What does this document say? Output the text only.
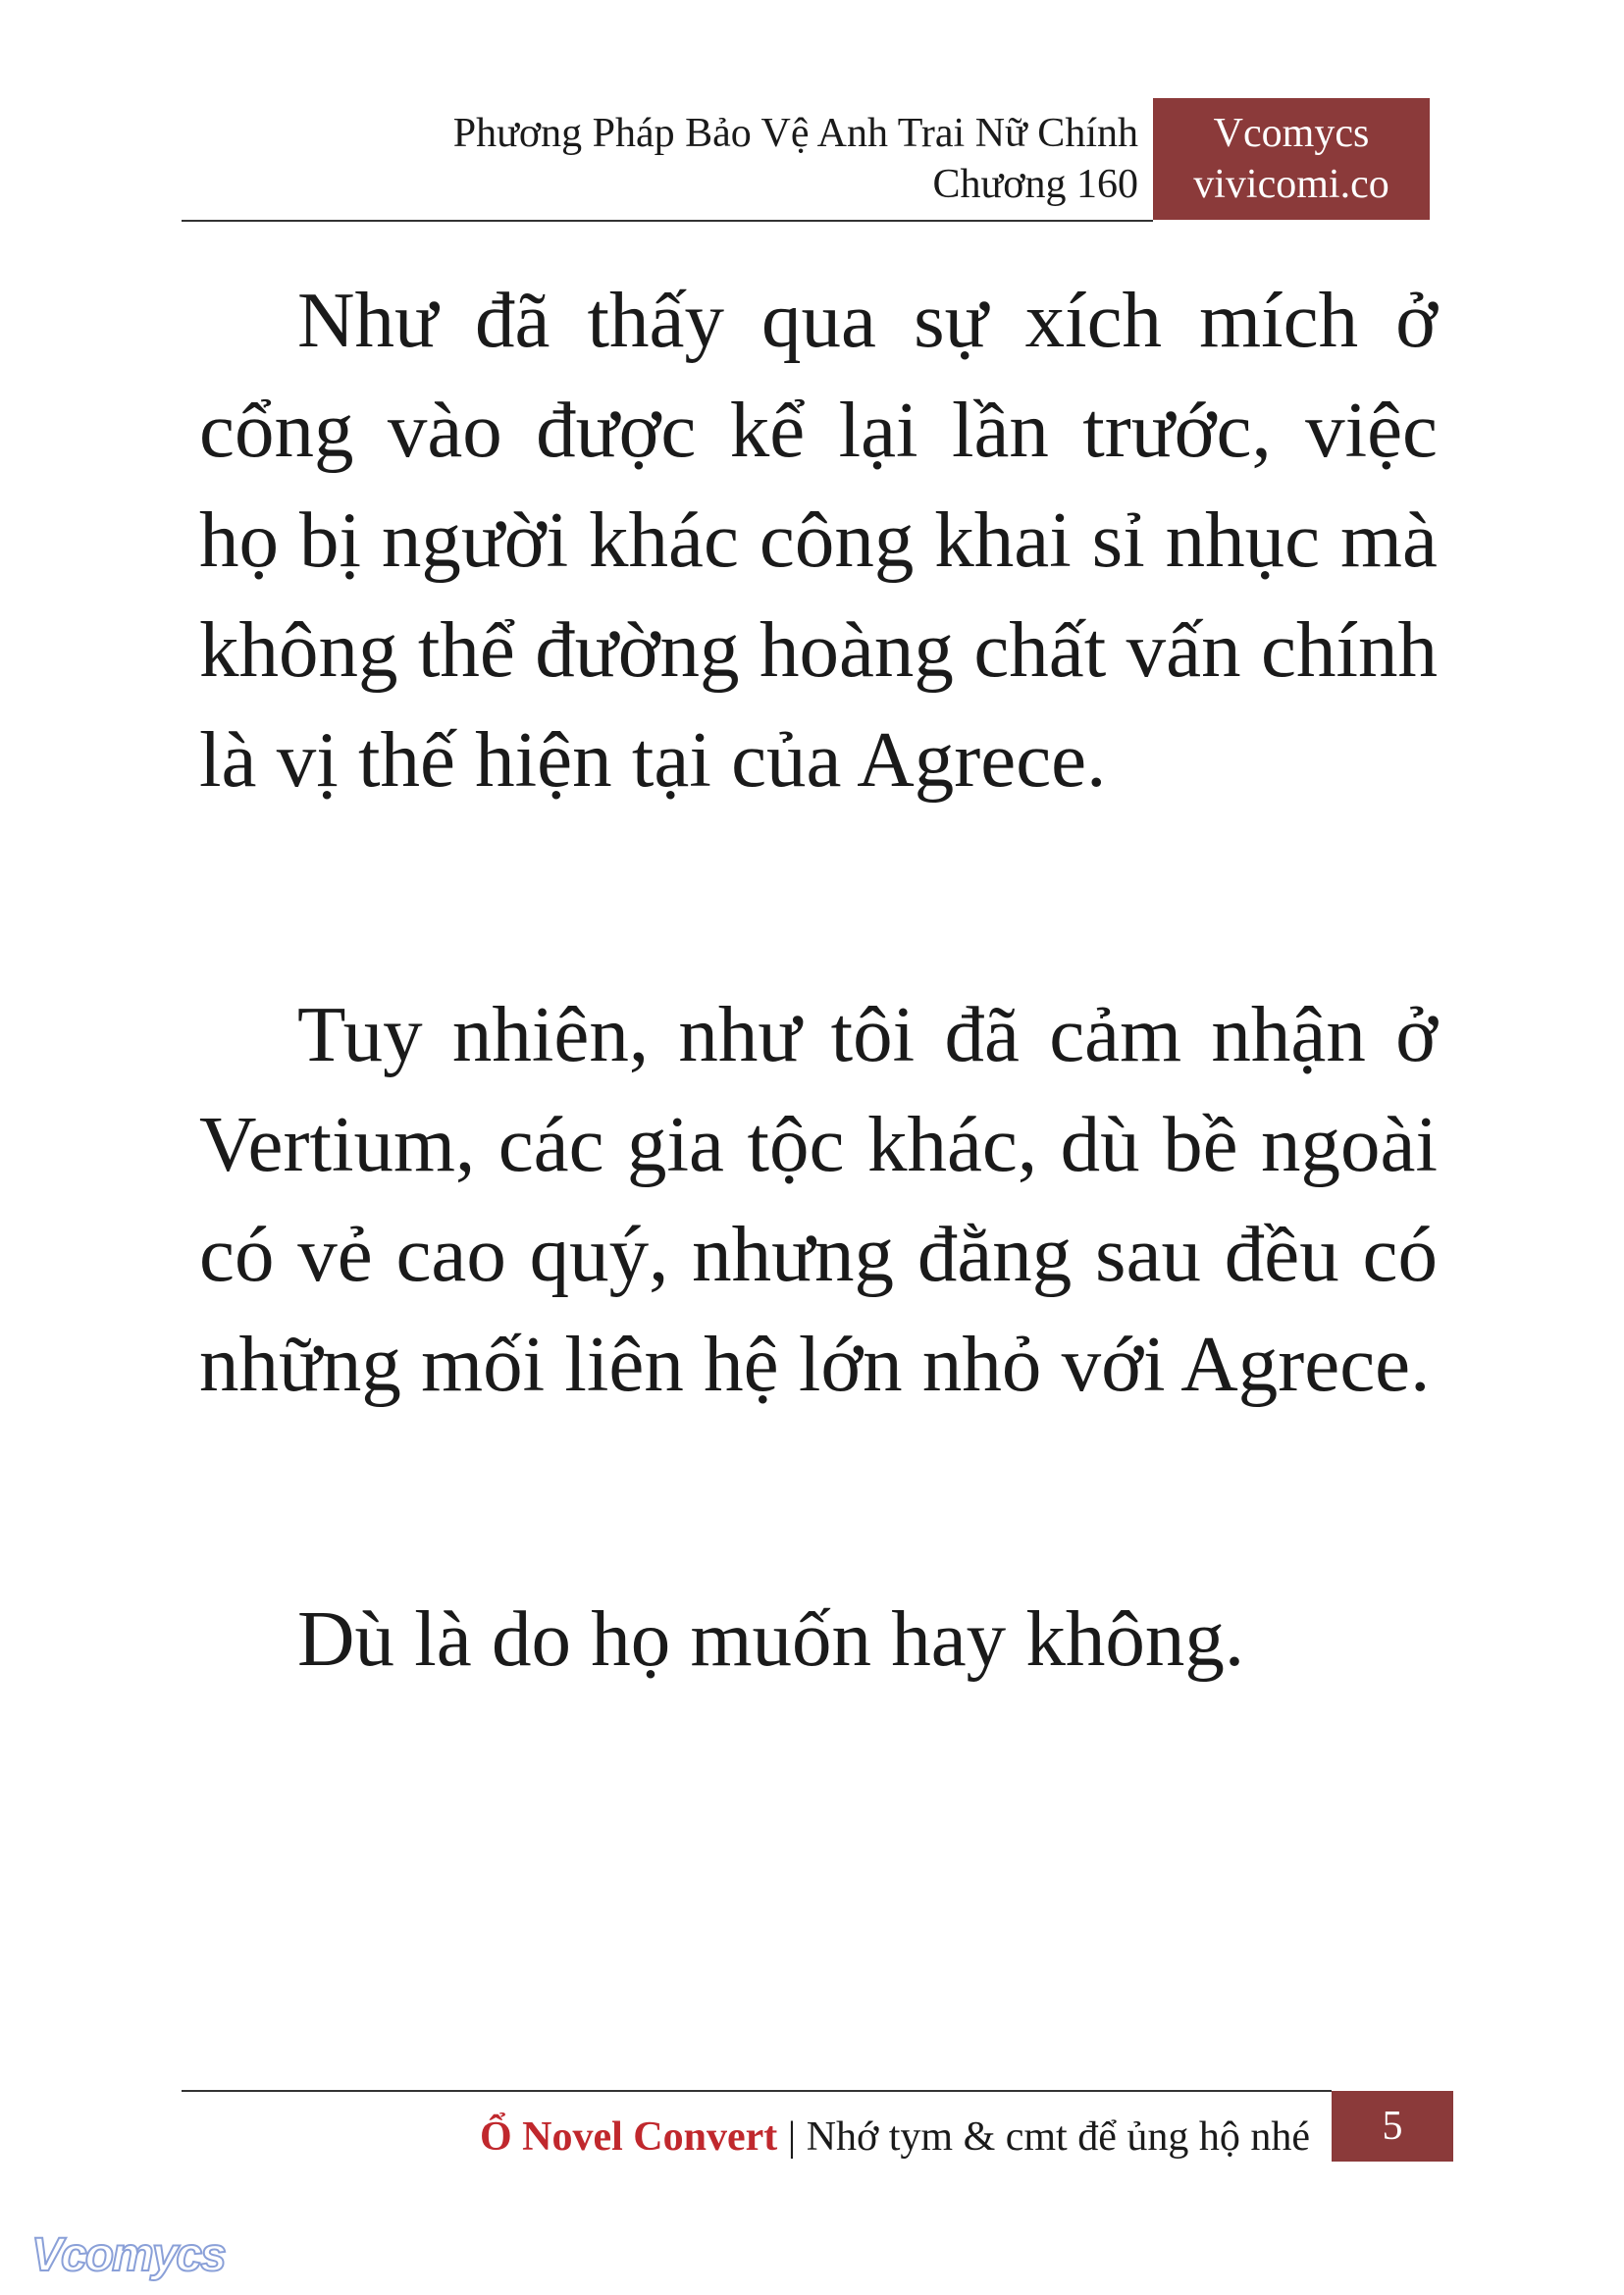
Phương Pháp Bảo Vệ Anh Trai Nữ Chính
Chương 160
Vcomycs
vivicomi.co

Như đã thấy qua sự xích mích ở cổng vào được kể lại lần trước, việc họ bị người khác công khai sỉ nhục mà không thể đường hoàng chất vấn chính là vị thế hiện tại của Agrece.

Tuy nhiên, như tôi đã cảm nhận ở Vertium, các gia tộc khác, dù bề ngoài có vẻ cao quý, nhưng đằng sau đều có những mối liên hệ lớn nhỏ với Agrece.

Dù là do họ muốn hay không.

Ổ Novel Convert | Nhớ tym & cmt để ủng hộ nhé	5
Vcomycs
